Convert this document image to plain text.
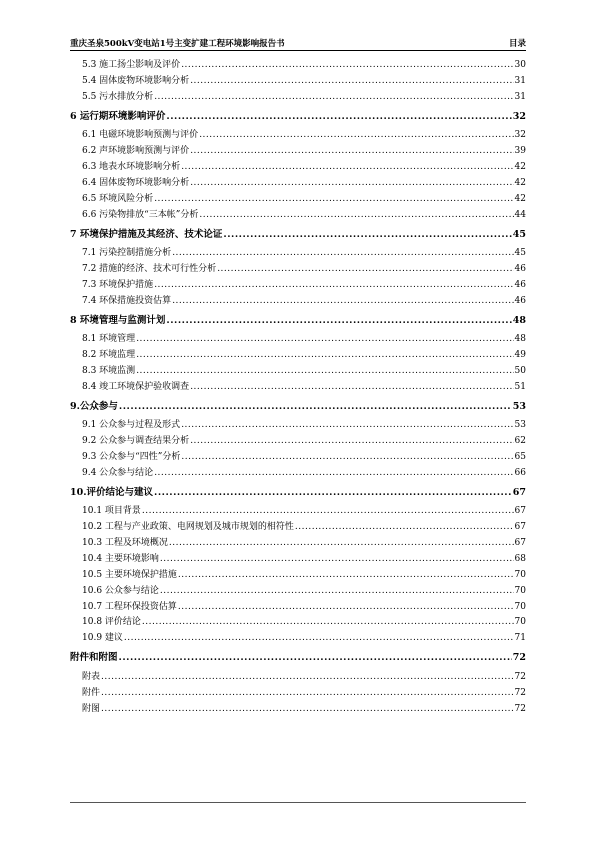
重庆圣泉500kV变电站1号主变扩建工程环境影响报告书	目录
5.3 施工扬尘影响及评价 .....	30
5.4 固体废物环境影响分析 .....	31
5.5 污水排放分析 .....	31
6 运行期环境影响评价 .....	32
6.1 电磁环境影响预测与评价 .....	32
6.2 声环境影响预测与评价 .....	39
6.3 地表水环境影响分析 .....	42
6.4 固体废物环境影响分析 .....	42
6.5 环境风险分析 .....	42
6.6 污染物排放“三本帐”分析 .....	44
7 环境保护措施及其经济、技术论证 .....	45
7.1 污染控制措施分析 .....	45
7.2 措施的经济、技术可行性分析 .....	46
7.3 环境保护措施 .....	46
7.4 环保措施投资估算 .....	46
8 环境管理与监测计划 .....	48
8.1 环境管理 .....	48
8.2 环境监理 .....	49
8.3 环境监测 .....	50
8.4 竣工环境保护验收调查 .....	51
9.公众参与 .....	53
9.1 公众参与过程及形式 .....	53
9.2 公众参与调查结果分析 .....	62
9.3 公众参与“四性”分析 .....	65
9.4 公众参与结论 .....	66
10.评价结论与建议 .....	67
10.1 项目背景 .....	67
10.2 工程与产业政策、电网规划及城市规划的相符性 .....	67
10.3 工程及环境概况 .....	67
10.4 主要环境影响 .....	68
10.5 主要环境保护措施 .....	70
10.6 公众参与结论 .....	70
10.7 工程环保投资估算 .....	70
10.8 评价结论 .....	70
10.9 建议 .....	71
附件和附图 .....	72
附表 .....	72
附件 .....	72
附图 .....	72
